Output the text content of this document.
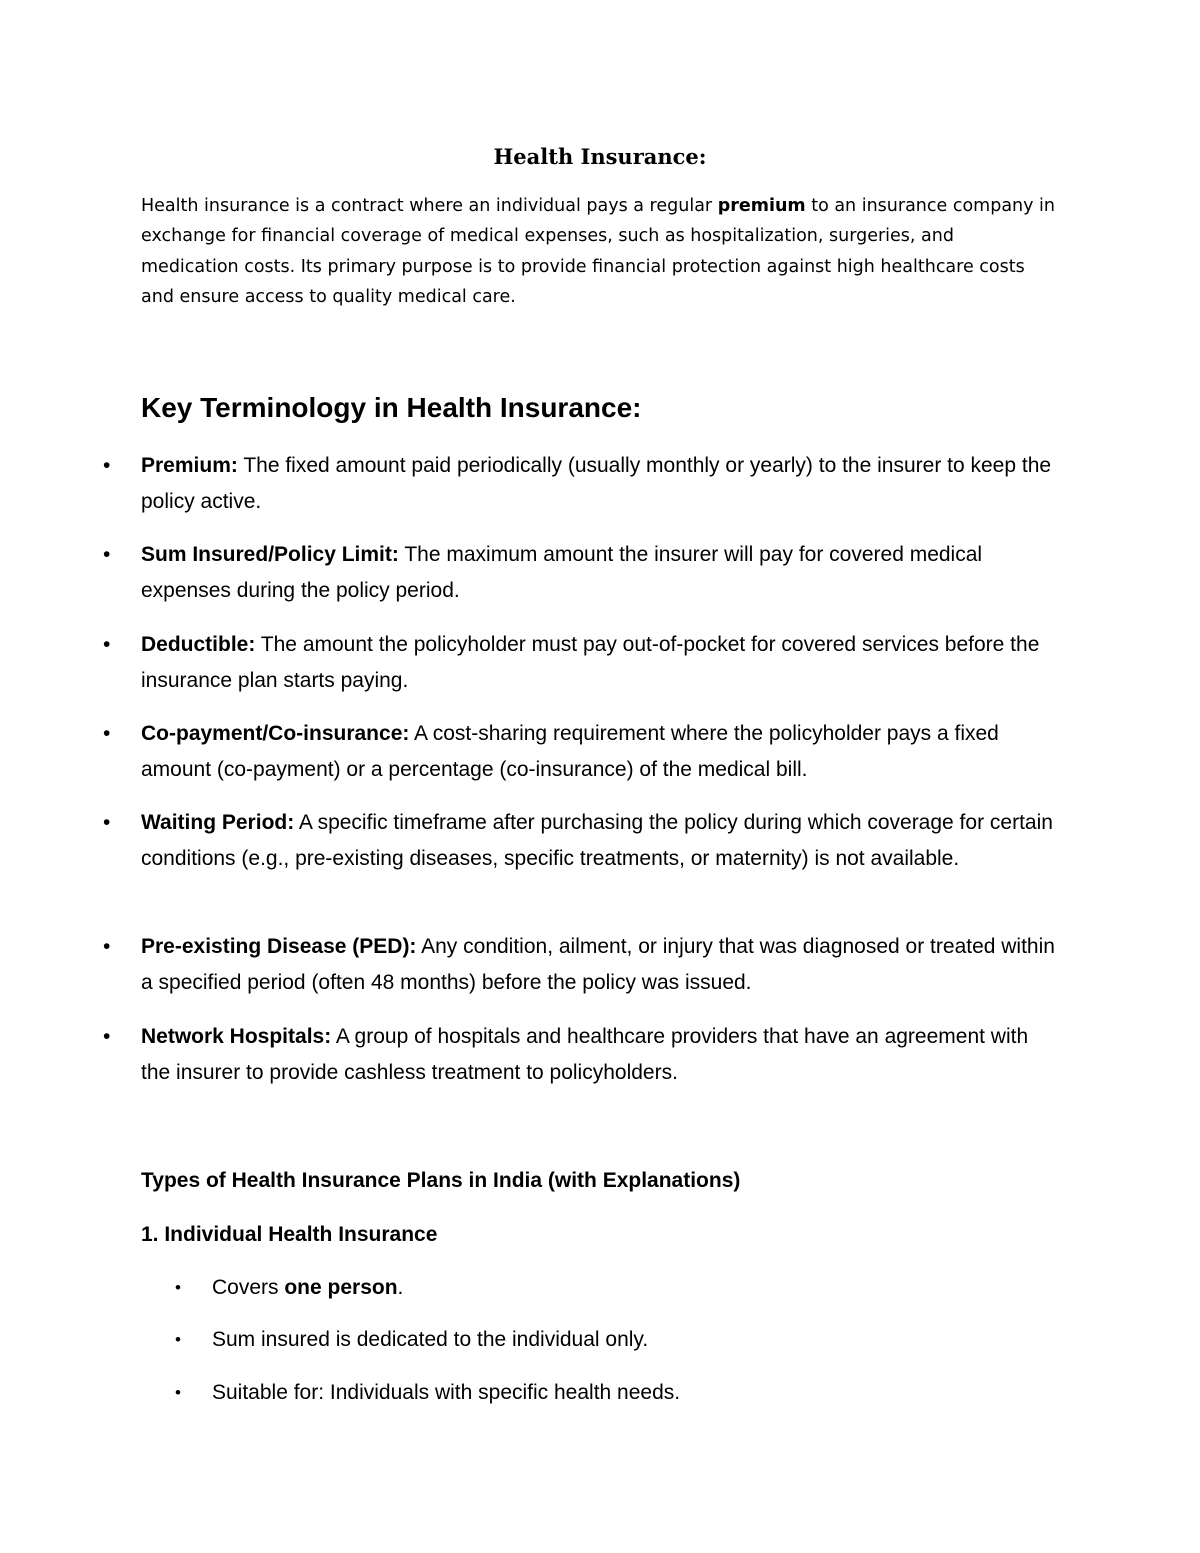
Health Insurance:

Health insurance is a contract where an individual pays a regular premium to an insurance company in exchange for financial coverage of medical expenses, such as hospitalization, surgeries, and medication costs. Its primary purpose is to provide financial protection against high healthcare costs and ensure access to quality medical care.

Key Terminology in Health Insurance:
• Premium: The fixed amount paid periodically (usually monthly or yearly) to the insurer to keep the policy active.
• Sum Insured/Policy Limit: The maximum amount the insurer will pay for covered medical expenses during the policy period.
• Deductible: The amount the policyholder must pay out-of-pocket for covered services before the insurance plan starts paying.
• Co-payment/Co-insurance: A cost-sharing requirement where the policyholder pays a fixed amount (co-payment) or a percentage (co-insurance) of the medical bill.
• Waiting Period: A specific timeframe after purchasing the policy during which coverage for certain conditions (e.g., pre-existing diseases, specific treatments, or maternity) is not available.
• Pre-existing Disease (PED): Any condition, ailment, or injury that was diagnosed or treated within a specified period (often 48 months) before the policy was issued.
• Network Hospitals: A group of hospitals and healthcare providers that have an agreement with the insurer to provide cashless treatment to policyholders.
Types of Health Insurance Plans in India (with Explanations)
1. Individual Health Insurance
• Covers one person.
• Sum insured is dedicated to the individual only.
• Suitable for: Individuals with specific health needs.
